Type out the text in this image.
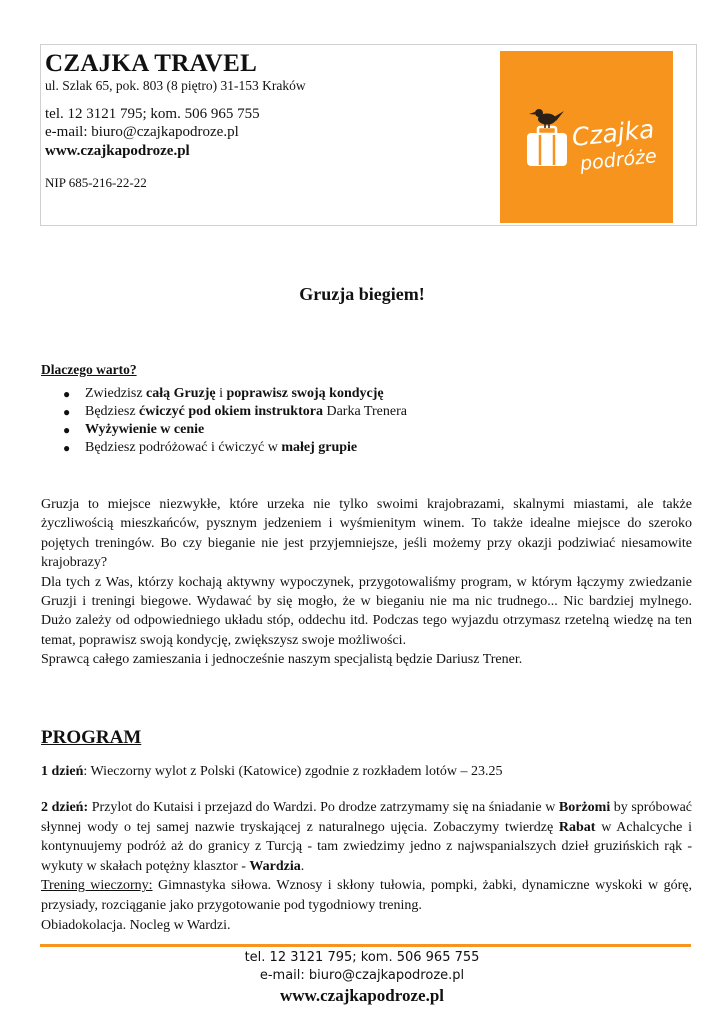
CZAJKA TRAVEL
ul. Szlak 65, pok. 803 (8 piętro) 31-153 Kraków
tel. 12 3121 795; kom. 506 965 755
e-mail: biuro@czajkapodroze.pl
www.czajkapodroze.pl
NIP 685-216-22-22
Czajka
podróże
Gruzja biegiem!
Dlaczego warto?
● Zwiedzisz całą Gruzję i poprawisz swoją kondycję
● Będziesz ćwiczyć pod okiem instruktora Darka Trenera
● Wyżywienie w cenie
● Będziesz podróżować i ćwiczyć w małej grupie

Gruzja to miejsce niezwykłe, które urzeka nie tylko swoimi krajobrazami, skalnymi miastami, ale także życzliwością mieszkańców, pysznym jedzeniem i wyśmienitym winem. To także idealne miejsce do szeroko pojętych treningów. Bo czy bieganie nie jest przyjemniejsze, jeśli możemy przy okazji podziwiać niesamowite krajobrazy?

Dla tych z Was, którzy kochają aktywny wypoczynek, przygotowaliśmy program, w którym łączymy zwiedzanie Gruzji i treningi biegowe. Wydawać by się mogło, że w bieganiu nie ma nic trudnego... Nic bardziej mylnego. Dużo zależy od odpowiedniego układu stóp, oddechu itd. Podczas tego wyjazdu otrzymasz rzetelną wiedzę na ten temat, poprawisz swoją kondycję, zwiększysz swoje możliwości.

Sprawcą całego zamieszania i jednocześnie naszym specjalistą będzie Dariusz Trener.

PROGRAM
1 dzień: Wieczorny wylot z Polski (Katowice) zgodnie z rozkładem lotów – 23.25

2 dzień: Przylot do Kutaisi i przejazd do Wardzi. Po drodze zatrzymamy się na śniadanie w Borżomi by spróbować słynnej wody o tej samej nazwie tryskającej z naturalnego ujęcia. Zobaczymy twierdzę Rabat w Achalcyche i kontynuujemy podróż aż do granicy z Turcją - tam zwiedzimy jedno z najwspanialszych dzieł gruzińskich rąk - wykuty w skałach potężny klasztor - Wardzia.

Trening wieczorny: Gimnastyka siłowa. Wznosy i skłony tułowia, pompki, żabki, dynamiczne wyskoki w górę, przysiady, rozciąganie jako przygotowanie pod tygodniowy trening.

Obiadokolacja. Nocleg w Wardzi.

tel. 12 3121 795; kom. 506 965 755
e-mail: biuro@czajkapodroze.pl
www.czajkapodroze.pl
